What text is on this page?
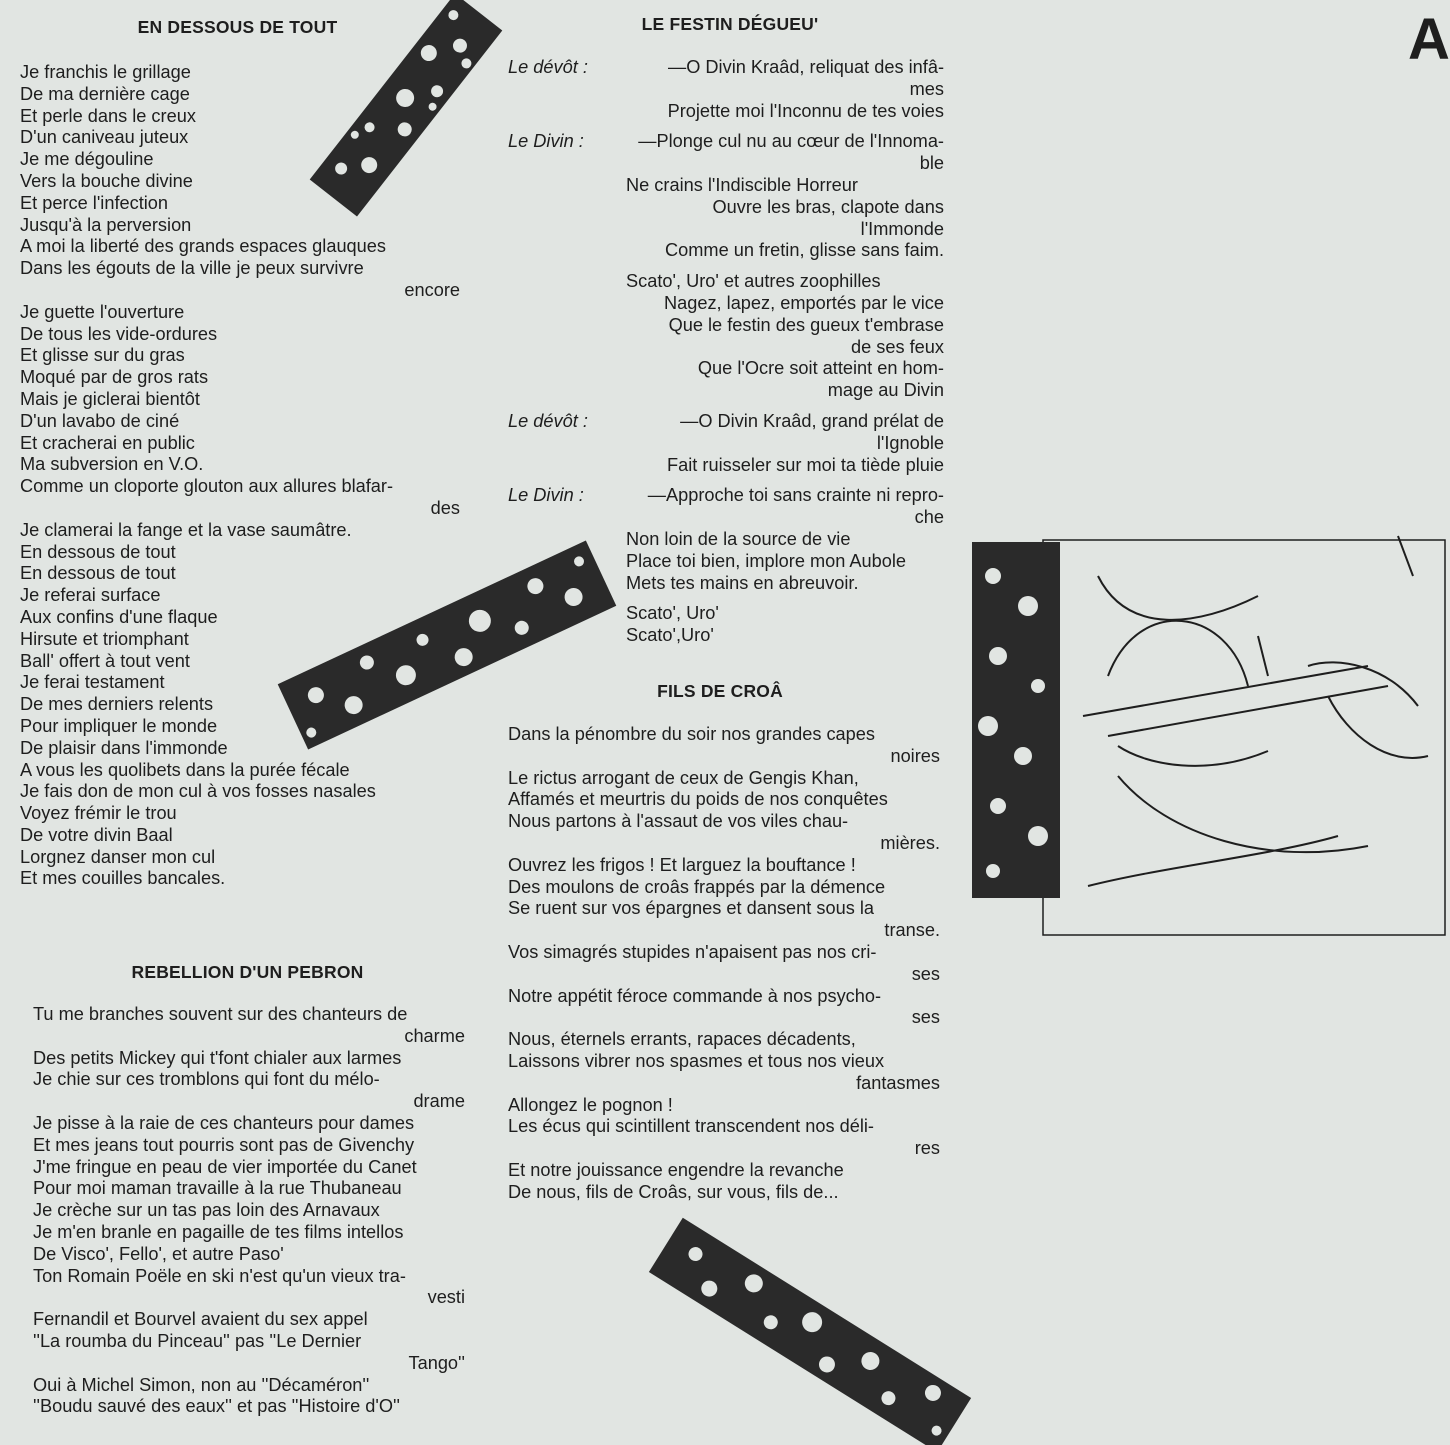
A
EN DESSOUS DE TOUT

Je franchis le grillage

De ma dernière cage

Et perle dans le creux

D'un caniveau juteux

Je me dégouline

Vers la bouche divine

Et perce l'infection

Jusqu'à la perversion

A moi la liberté des grands espaces glauques

Dans les égouts de la ville je peux survivre

encore

Je guette l'ouverture

De tous les vide-ordures

Et glisse sur du gras

Moqué par de gros rats

Mais je giclerai bientôt

D'un lavabo de ciné

Et cracherai en public

Ma subversion en V.O.

Comme un cloporte glouton aux allures blafar-

des

Je clamerai la fange et la vase saumâtre.

En dessous de tout

En dessous de tout

Je referai surface

Aux confins d'une flaque

Hirsute et triomphant

Ball' offert à tout vent

Je ferai testament

De mes derniers relents

Pour impliquer le monde

De plaisir dans l'immonde

A vous les quolibets dans la purée fécale

Je fais don de mon cul à vos fosses nasales

Voyez frémir le trou

De votre divin Baal

Lorgnez danser mon cul

Et mes couilles bancales.

REBELLION D'UN PEBRON

Tu me branches souvent sur des chanteurs de

charme

Des petits Mickey qui t'font chialer aux larmes

Je chie sur ces tromblons qui font du mélo-

drame

Je pisse à la raie de ces chanteurs pour dames

Et mes jeans tout pourris sont pas de Givenchy

J'me fringue en peau de vier importée du Canet

Pour moi maman travaille à la rue Thubaneau

Je crèche sur un tas pas loin des Arnavaux

Je m'en branle en pagaille de tes films intellos

De Visco', Fello', et autre Paso'

Ton Romain Poële en ski n'est qu'un vieux tra-

vesti

Fernandil et Bourvel avaient du sex appel

''La roumba du Pinceau'' pas ''Le Dernier

Tango''

Oui à Michel Simon, non au ''Décaméron''

''Boudu sauvé des eaux'' et pas ''Histoire d'O''

LE FESTIN DÉGUEU'
Le dévôt :	—O Divin Kraâd, reliquat des infâ-

mes

Projette moi l'Inconnu de tes voies

Le Divin :	—Plonge cul nu au cœur de l'Innoma-

ble

Ne crains l'Indiscible Horreur

Ouvre les bras, clapote dans

l'Immonde

Comme un fretin, glisse sans faim.

Scato', Uro' et autres zoophilles

Nagez, lapez, emportés par le vice

Que le festin des gueux t'embrase

de ses feux

Que l'Ocre soit atteint en hom-

mage au Divin

Le dévôt :	—O Divin Kraâd, grand prélat de

l'Ignoble

Fait ruisseler sur moi ta tiède pluie

Le Divin :	—Approche toi sans crainte ni repro-

che

Non loin de la source de vie

Place toi bien, implore mon Aubole

Mets tes mains en abreuvoir.

Scato', Uro'

Scato',Uro'

FILS DE CROÂ

Dans la pénombre du soir nos grandes capes

noires

Le rictus arrogant de ceux de Gengis Khan,

Affamés et meurtris du poids de nos conquêtes

Nous partons à l'assaut de vos viles chau-

mières.

Ouvrez les frigos ! Et larguez la bouftance !

Des moulons de croâs frappés par la démence

Se ruent sur vos épargnes et dansent sous la

transe.

Vos simagrés stupides n'apaisent pas nos cri-

ses

Notre appétit féroce commande à nos psycho-

ses

Nous, éternels errants, rapaces décadents,

Laissons vibrer nos spasmes et tous nos vieux

fantasmes

Allongez le pognon !

Les écus qui scintillent transcendent nos déli-

res

Et notre jouissance engendre la revanche

De nous, fils de Croâs, sur vous, fils de...
